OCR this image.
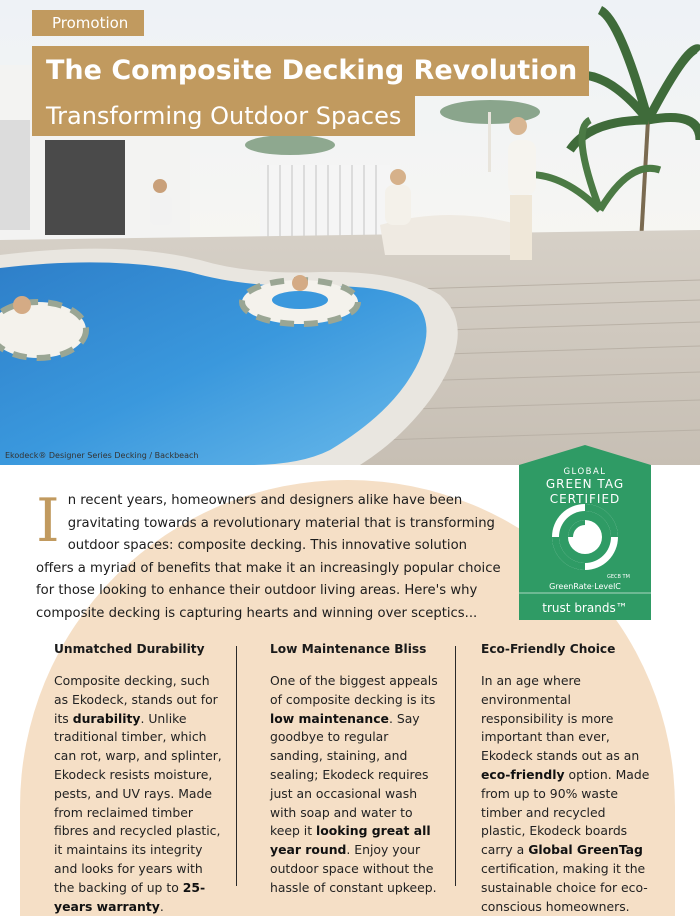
Promotion
The Composite Decking Revolution
Transforming Outdoor Spaces
Ekodeck® Designer Series Decking / Backbeach
In recent years, homeowners and designers alike have been gravitating towards a revolutionary material that is transforming outdoor spaces: composite decking. This innovative solution offers a myriad of benefits that make it an increasingly popular choice for those looking to enhance their outdoor living areas. Here's why composite decking is capturing hearts and winning over sceptics...
GLOBAL
GREEN TAG
CERTIFIED
GECB TM
GreenRate·LevelC
trust brands™
Unmatched Durability

Composite decking, such as Ekodeck, stands out for its durability. Unlike traditional timber, which can rot, warp, and splinter, Ekodeck resists moisture, pests, and UV rays. Made from reclaimed timber fibres and recycled plastic, it maintains its integrity and looks for years with the backing of up to 25-years warranty.

Low Maintenance Bliss

One of the biggest appeals of composite decking is its low maintenance. Say goodbye to regular sanding, staining, and sealing; Ekodeck requires just an occasional wash with soap and water to keep it looking great all year round. Enjoy your outdoor space without the hassle of constant upkeep.

Eco-Friendly Choice

In an age where environmental responsibility is more important than ever, Ekodeck stands out as an eco-friendly option. Made from up to 90% waste timber and recycled plastic, Ekodeck boards carry a Global GreenTag certification, making it the sustainable choice for eco-conscious homeowners.
